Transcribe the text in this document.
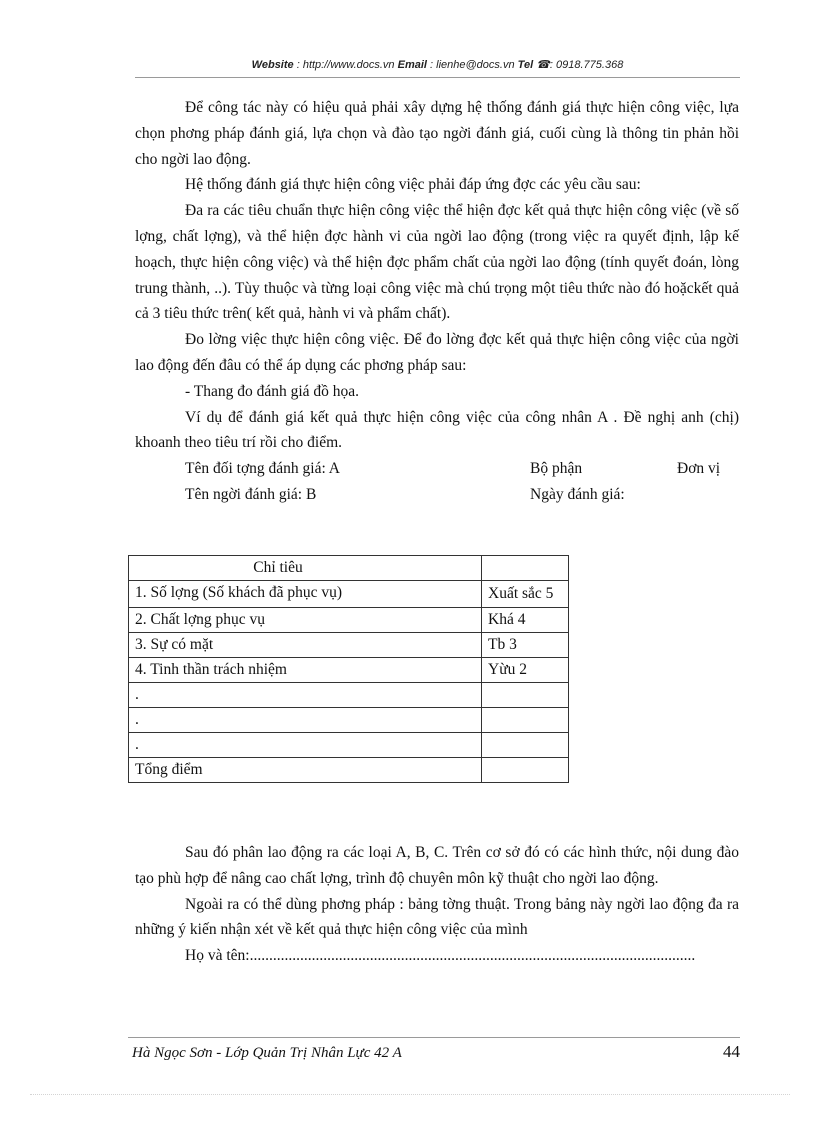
Website : http://www.docs.vn Email : lienhe@docs.vn Tel ☎: 0918.775.368

Để công tác này có hiệu quả phải xây dựng hệ thống đánh giá thực hiện công việc, lựa chọn phơng pháp đánh giá, lựa chọn và đào tạo ngời đánh giá, cuối cùng là thông tin phản hồi cho ngời lao động.

Hệ thống đánh giá thực hiện công việc phải đáp ứng đợc các yêu cầu sau:

Đa ra các tiêu chuẩn thực hiện công việc thể hiện đợc kết quả thực hiện công việc (về số lợng, chất lợng), và thể hiện đợc hành vi của ngời lao động (trong việc ra quyết định, lập kế hoạch, thực hiện công việc) và thể hiện đợc phẩm chất của ngời lao động (tính quyết đoán, lòng trung thành, ..). Tùy thuộc và từng loại công việc mà chú trọng một tiêu thức nào đó hoặckết quả cả 3 tiêu thức trên( kết quả, hành vi và phẩm chất).

Đo lờng việc thực hiện công việc. Để đo lờng đợc kết quả thực hiện công việc của ngời lao động đến đâu có thể áp dụng các phơng pháp sau:

- Thang đo đánh giá đồ họa.

Ví dụ để đánh giá kết quả thực hiện công việc của công nhân A . Đề nghị anh (chị) khoanh theo tiêu trí rồi cho điểm.

Tên đối tợng đánh giá: A	Bộ phận	Đơn vị
Tên ngời đánh giá: B	Ngày đánh giá:
Chỉ tiêu	
1. Số lợng (Số khách đã phục vụ)	Xuất sắc 5
2. Chất lợng phục vụ	Khá 4
3. Sự có mặt	Tb 3
4. Tinh thần trách nhiệm	Yừu 2
.	
.	
.	
Tổng điểm	

Sau đó phân lao động ra các loại A, B, C. Trên cơ sở đó có các hình thức, nội dung đào tạo phù hợp để nâng cao chất lợng, trình độ chuyên môn kỹ thuật cho ngời lao động.

Ngoài ra có thể dùng phơng pháp : bảng tờng thuật. Trong bảng này ngời lao động đa ra những ý kiến nhận xét về kết quả thực hiện công việc của mình

Họ và tên:...................................................................................................................

Hà Ngọc Sơn - Lớp Quản Trị Nhân Lực 42 A	44
